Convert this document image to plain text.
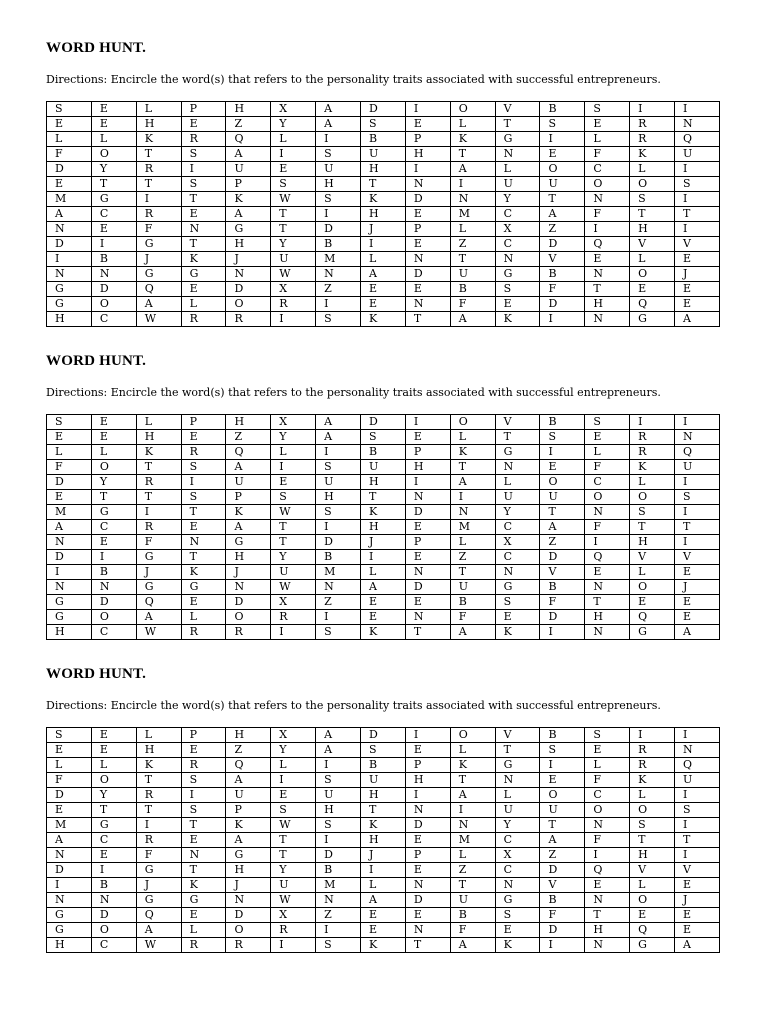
WORD HUNT.
Directions: Encircle the word(s) that refers to the personality traits associated with successful entrepreneurs.
S	E	L	P	H	X	A	D	I	O	V	B	S	I	I
E	E	H	E	Z	Y	A	S	E	L	T	S	E	R	N
L	L	K	R	Q	L	I	B	P	K	G	I	L	R	Q
F	O	T	S	A	I	S	U	H	T	N	E	F	K	U
D	Y	R	I	U	E	U	H	I	A	L	O	C	L	I
E	T	T	S	P	S	H	T	N	I	U	U	O	O	S
M	G	I	T	K	W	S	K	D	N	Y	T	N	S	I
A	C	R	E	A	T	I	H	E	M	C	A	F	T	T
N	E	F	N	G	T	D	J	P	L	X	Z	I	H	I
D	I	G	T	H	Y	B	I	E	Z	C	D	Q	V	V
I	B	J	K	J	U	M	L	N	T	N	V	E	L	E
N	N	G	G	N	W	N	A	D	U	G	B	N	O	J
G	D	Q	E	D	X	Z	E	E	B	S	F	T	E	E
G	O	A	L	O	R	I	E	N	F	E	D	H	Q	E
H	C	W	R	R	I	S	K	T	A	K	I	N	G	A
WORD HUNT.
Directions: Encircle the word(s) that refers to the personality traits associated with successful entrepreneurs.
S	E	L	P	H	X	A	D	I	O	V	B	S	I	I
E	E	H	E	Z	Y	A	S	E	L	T	S	E	R	N
L	L	K	R	Q	L	I	B	P	K	G	I	L	R	Q
F	O	T	S	A	I	S	U	H	T	N	E	F	K	U
D	Y	R	I	U	E	U	H	I	A	L	O	C	L	I
E	T	T	S	P	S	H	T	N	I	U	U	O	O	S
M	G	I	T	K	W	S	K	D	N	Y	T	N	S	I
A	C	R	E	A	T	I	H	E	M	C	A	F	T	T
N	E	F	N	G	T	D	J	P	L	X	Z	I	H	I
D	I	G	T	H	Y	B	I	E	Z	C	D	Q	V	V
I	B	J	K	J	U	M	L	N	T	N	V	E	L	E
N	N	G	G	N	W	N	A	D	U	G	B	N	O	J
G	D	Q	E	D	X	Z	E	E	B	S	F	T	E	E
G	O	A	L	O	R	I	E	N	F	E	D	H	Q	E
H	C	W	R	R	I	S	K	T	A	K	I	N	G	A
WORD HUNT.
Directions: Encircle the word(s) that refers to the personality traits associated with successful entrepreneurs.
S	E	L	P	H	X	A	D	I	O	V	B	S	I	I
E	E	H	E	Z	Y	A	S	E	L	T	S	E	R	N
L	L	K	R	Q	L	I	B	P	K	G	I	L	R	Q
F	O	T	S	A	I	S	U	H	T	N	E	F	K	U
D	Y	R	I	U	E	U	H	I	A	L	O	C	L	I
E	T	T	S	P	S	H	T	N	I	U	U	O	O	S
M	G	I	T	K	W	S	K	D	N	Y	T	N	S	I
A	C	R	E	A	T	I	H	E	M	C	A	F	T	T
N	E	F	N	G	T	D	J	P	L	X	Z	I	H	I
D	I	G	T	H	Y	B	I	E	Z	C	D	Q	V	V
I	B	J	K	J	U	M	L	N	T	N	V	E	L	E
N	N	G	G	N	W	N	A	D	U	G	B	N	O	J
G	D	Q	E	D	X	Z	E	E	B	S	F	T	E	E
G	O	A	L	O	R	I	E	N	F	E	D	H	Q	E
H	C	W	R	R	I	S	K	T	A	K	I	N	G	A
